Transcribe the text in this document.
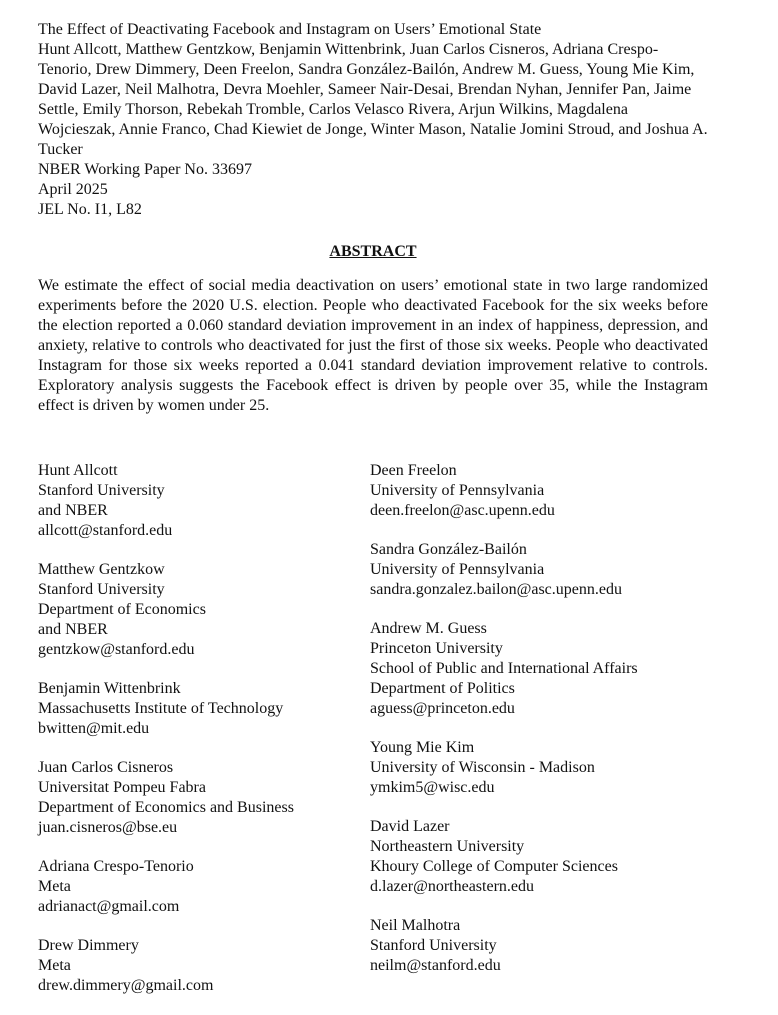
The Effect of Deactivating Facebook and Instagram on Users’ Emotional State

Hunt Allcott, Matthew Gentzkow, Benjamin Wittenbrink, Juan Carlos Cisneros, Adriana Crespo-Tenorio, Drew Dimmery, Deen Freelon, Sandra González-Bailón, Andrew M. Guess, Young Mie Kim, David Lazer, Neil Malhotra, Devra Moehler, Sameer Nair-Desai, Brendan Nyhan, Jennifer Pan, Jaime Settle, Emily Thorson, Rebekah Tromble, Carlos Velasco Rivera, Arjun Wilkins, Magdalena Wojcieszak, Annie Franco, Chad Kiewiet de Jonge, Winter Mason, Natalie Jomini Stroud, and Joshua A. Tucker

NBER Working Paper No. 33697

April 2025

JEL No. I1, L82

ABSTRACT

We estimate the effect of social media deactivation on users’ emotional state in two large randomized experiments before the 2020 U.S. election. People who deactivated Facebook for the six weeks before the election reported a 0.060 standard deviation improvement in an index of happiness, depression, and anxiety, relative to controls who deactivated for just the first of those six weeks. People who deactivated Instagram for those six weeks reported a 0.041 standard deviation improvement relative to controls. Exploratory analysis suggests the Facebook effect is driven by people over 35, while the Instagram effect is driven by women under 25.

Hunt Allcott
Stanford University
and NBER
allcott@stanford.edu
Matthew Gentzkow
Stanford University
Department of Economics
and NBER
gentzkow@stanford.edu
Benjamin Wittenbrink
Massachusetts Institute of Technology
bwitten@mit.edu
Juan Carlos Cisneros
Universitat Pompeu Fabra
Department of Economics and Business
juan.cisneros@bse.eu
Adriana Crespo-Tenorio
Meta
adrianact@gmail.com
Drew Dimmery
Meta
drew.dimmery@gmail.com
Deen Freelon
University of Pennsylvania
deen.freelon@asc.upenn.edu
Sandra González-Bailón
University of Pennsylvania
sandra.gonzalez.bailon@asc.upenn.edu
Andrew M. Guess
Princeton University
School of Public and International Affairs
Department of Politics
aguess@princeton.edu
Young Mie Kim
University of Wisconsin - Madison
ymkim5@wisc.edu
David Lazer
Northeastern University
Khoury College of Computer Sciences
d.lazer@northeastern.edu
Neil Malhotra
Stanford University
neilm@stanford.edu
